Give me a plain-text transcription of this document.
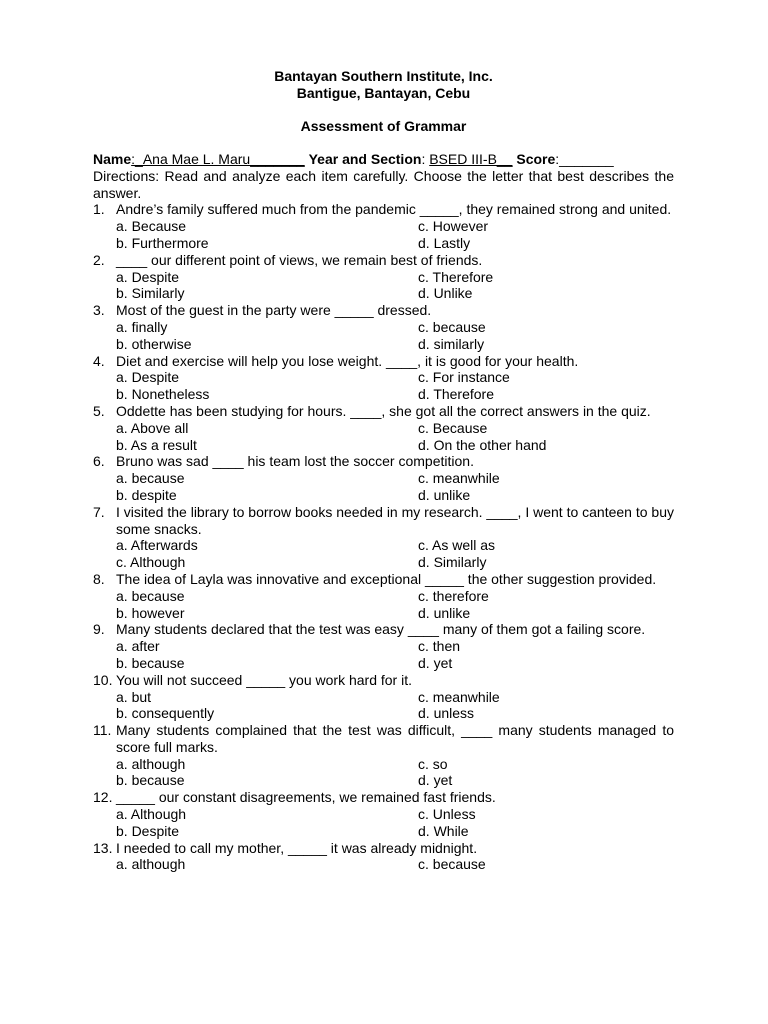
Bantayan Southern Institute, Inc.
Bantigue, Bantayan, Cebu
Assessment of Grammar
Name:_Ana Mae L. Maru_______ Year and Section: BSED III-B__ Score:_______
Directions: Read and analyze each item carefully. Choose the letter that best describes the answer.
1. Andre’s family suffered much from the pandemic _____, they remained strong and united.
a. Because	c. However
b. Furthermore	d. Lastly
2. ____ our different point of views, we remain best of friends.
a. Despite	c. Therefore
b. Similarly	d. Unlike
3. Most of the guest in the party were _____ dressed.
a. finally	c. because
b. otherwise	d. similarly
4. Diet and exercise will help you lose weight. ____, it is good for your health.
a. Despite	c. For instance
b. Nonetheless	d. Therefore
5. Oddette has been studying for hours. ____, she got all the correct answers in the quiz.
a. Above all	c. Because
b. As a result	d. On the other hand
6. Bruno was sad ____ his team lost the soccer competition.
a. because	c. meanwhile
b. despite	d. unlike
7. I visited the library to borrow books needed in my research. ____, I went to canteen to buy some snacks.
a. Afterwards	c. As well as
c. Although	d. Similarly
8. The idea of Layla was innovative and exceptional _____ the other suggestion provided.
a. because	c. therefore
b. however	d. unlike
9. Many students declared that the test was easy ____ many of them got a failing score.
a. after	c. then
b. because	d. yet
10. You will not succeed _____ you work hard for it.
a. but	c. meanwhile
b. consequently	d. unless
11. Many students complained that the test was difficult, ____ many students managed to score full marks.
a. although	c. so
b. because	d. yet
12. _____ our constant disagreements, we remained fast friends.
a. Although	c. Unless
b. Despite	d. While
13. I needed to call my mother, _____ it was already midnight.
a. although	c. because
